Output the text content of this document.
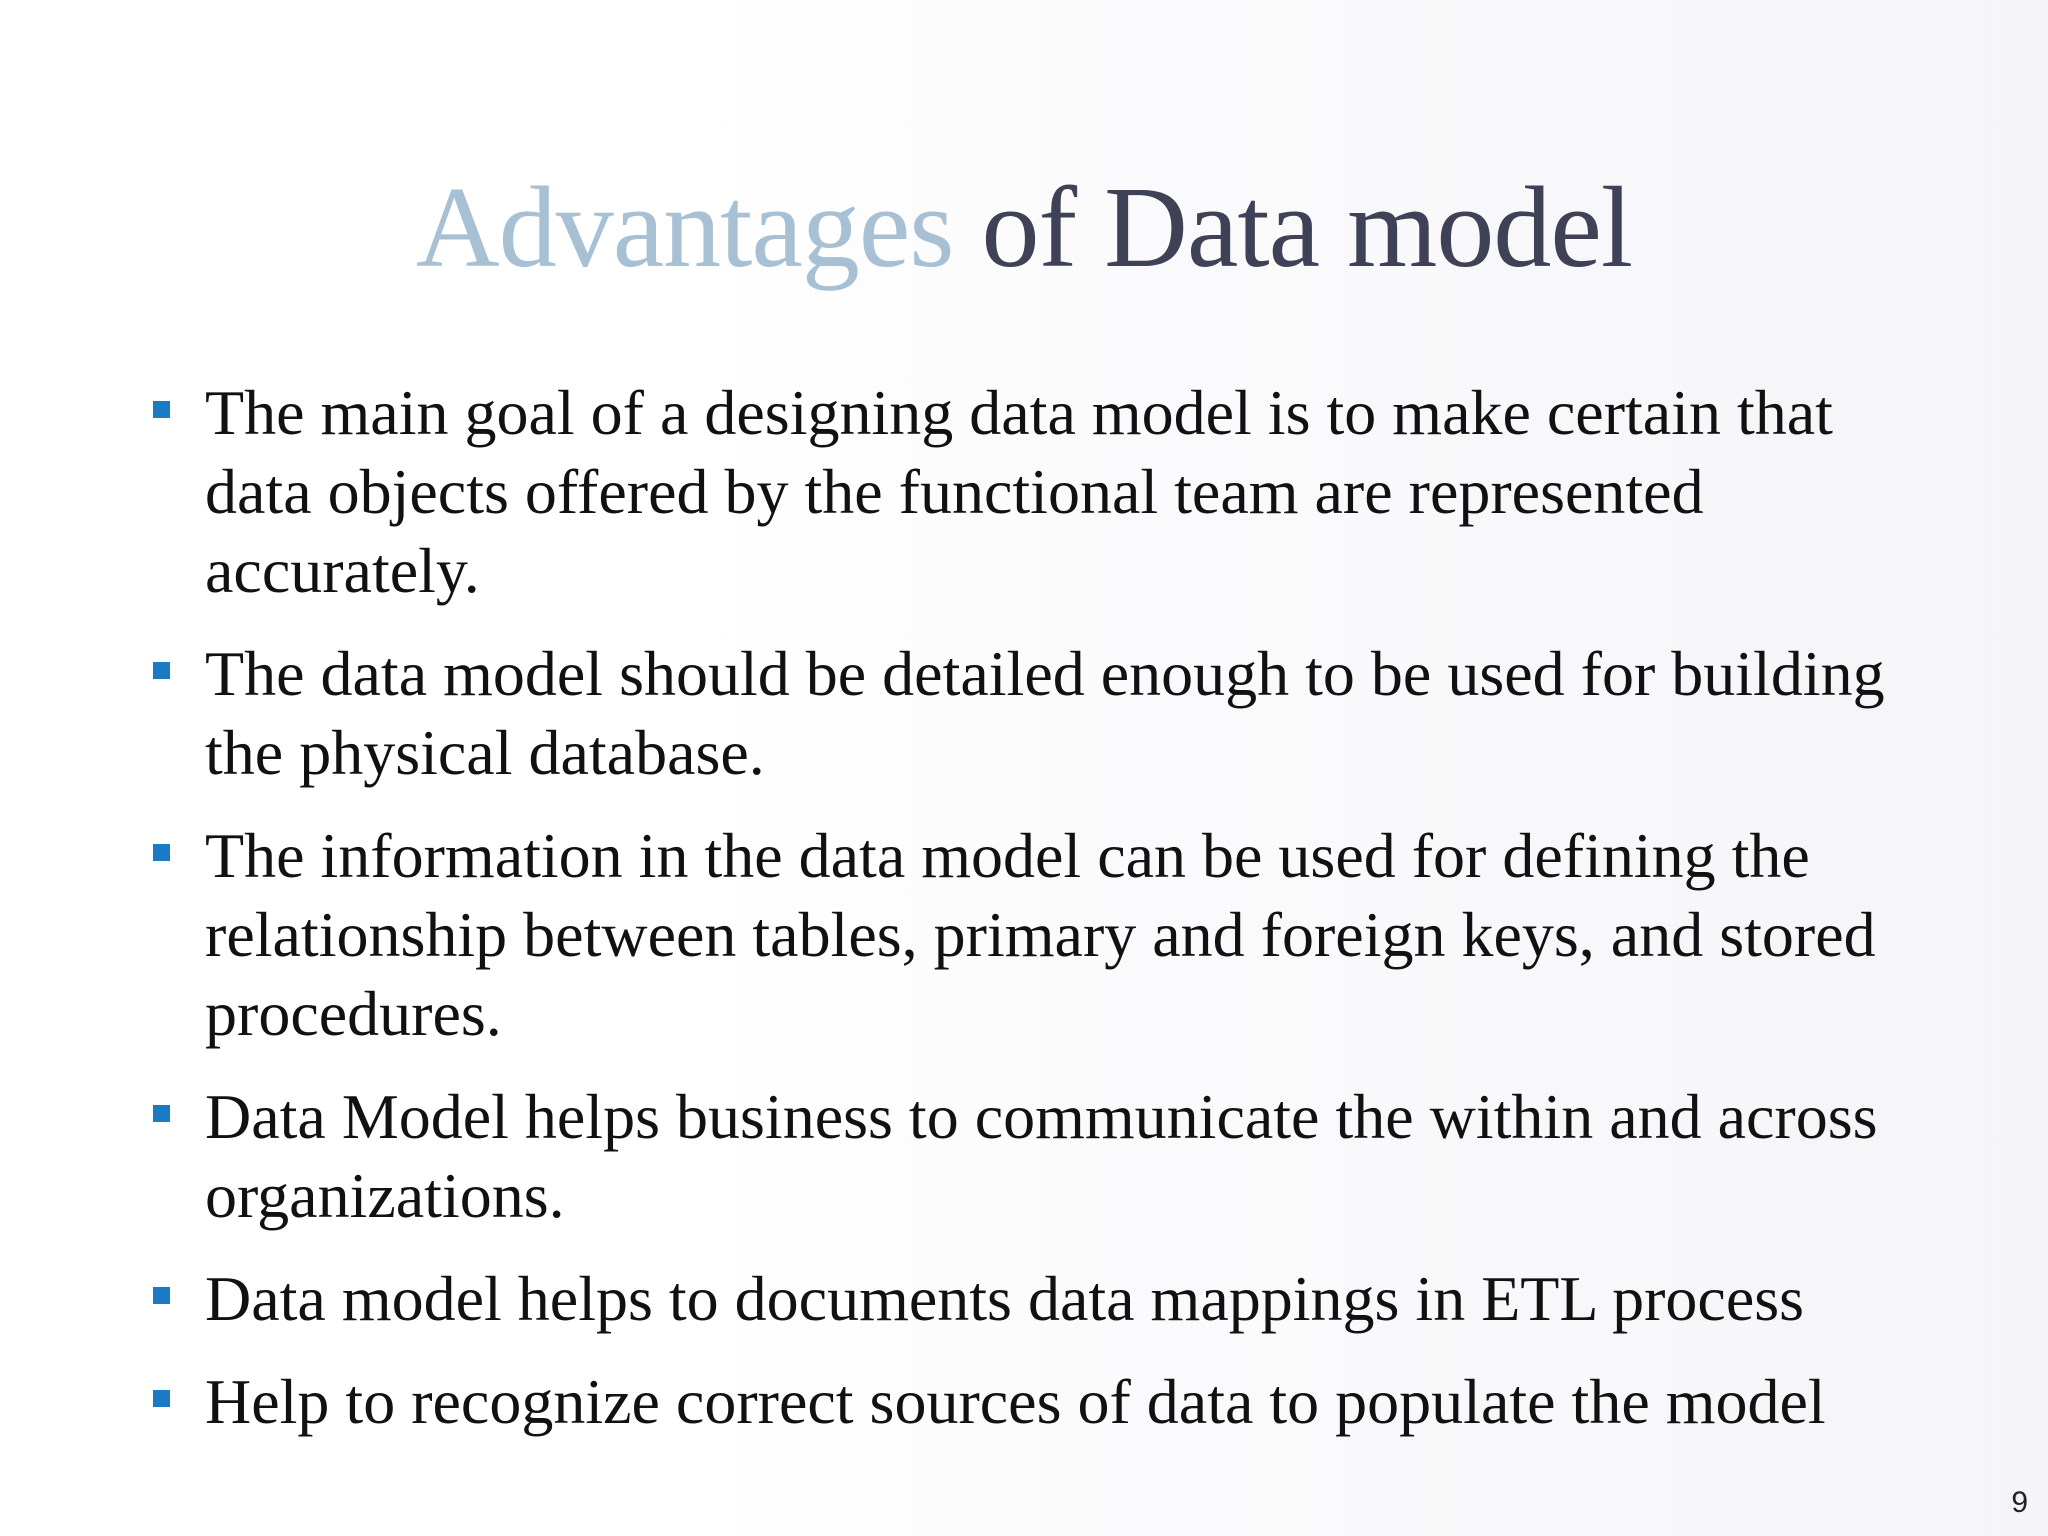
Advantages of Data model
The main goal of a designing data model is to make certain that data objects offered by the functional team are represented accurately.
The data model should be detailed enough to be used for building the physical database.
The information in the data model can be used for defining the relationship between tables, primary and foreign keys, and stored procedures.
Data Model helps business to communicate the within and across organizations.
Data model helps to documents data mappings in ETL process
Help to recognize correct sources of data to populate the model
9
